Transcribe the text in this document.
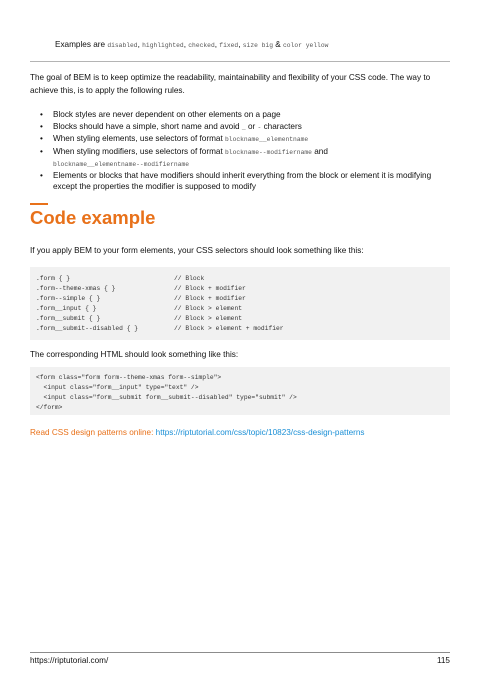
Examples are disabled, highlighted, checked, fixed, size big & color yellow
The goal of BEM is to keep optimize the readability, maintainability and flexibility of your CSS code. The way to achieve this, is to apply the following rules.
• Block styles are never dependent on other elements on a page
• Blocks should have a simple, short name and avoid _ or - characters
• When styling elements, use selectors of format blockname__elementname
• When styling modifiers, use selectors of format blockname--modifiername and
blockname__elementname--modifiername
• Elements or blocks that have modifiers should inherit everything from the block or element it is modifying except the properties the modifier is supposed to modify
Code example
If you apply BEM to your form elements, your CSS selectors should look something like this:
.form { }	// Block
.form--theme-xmas { }	// Block + modifier
.form--simple { }	// Block + modifier
.form__input { }	// Block > element
.form__submit { }	// Block > element
.form__submit--disabled { }	// Block > element + modifier
The corresponding HTML should look something like this:
<form class="form form--theme-xmas form--simple">
<input class="form__input" type="text" />
<input class="form__submit form__submit--disabled" type="submit" />
</form>
Read CSS design patterns online: https://riptutorial.com/css/topic/10823/css-design-patterns
https://riptutorial.com/	115
